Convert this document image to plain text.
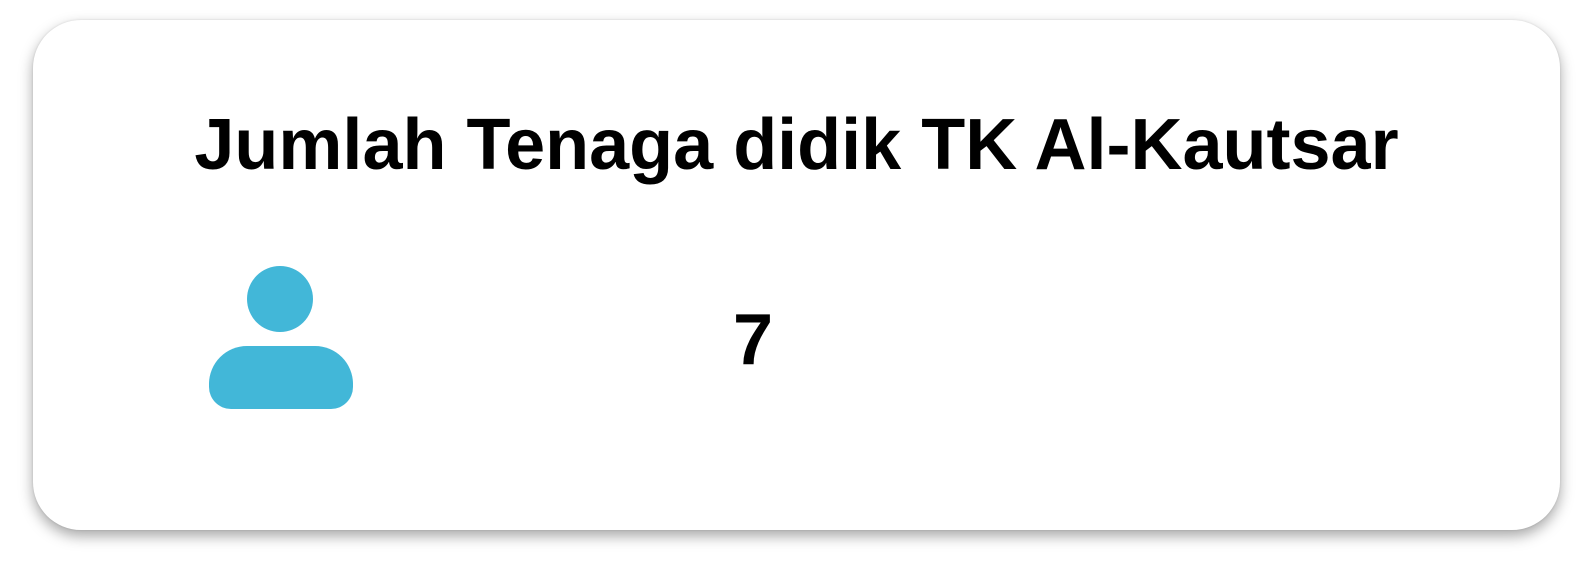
Jumlah Tenaga didik TK Al-Kautsar
7
